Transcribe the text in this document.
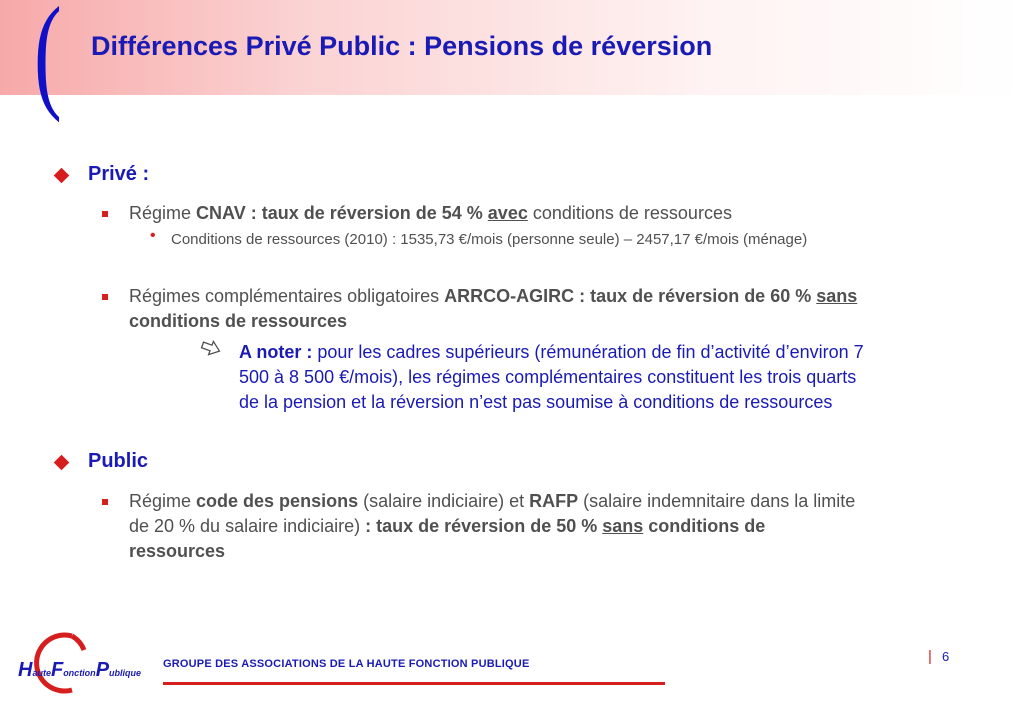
( Différences Privé Public : Pensions de réversion
Privé :
Régime CNAV : taux de réversion de 54 % avec conditions de ressources
• Conditions de ressources (2010) : 1535,73 €/mois (personne seule) – 2457,17 €/mois (ménage)
Régimes complémentaires obligatoires ARRCO-AGIRC : taux de réversion de 60 % sans
conditions de ressources
A noter : pour les cadres supérieurs (rémunération de fin d’activité d’environ 7
500 à 8 500 €/mois), les régimes complémentaires constituent les trois quarts
de la pension et la réversion n’est pas soumise à conditions de ressources
Public
Régime code des pensions (salaire indiciaire) et RAFP (salaire indemnitaire dans la limite
de 20 % du salaire indiciaire) : taux de réversion de 50 % sans conditions de
ressources
HauteFonctionPublique
GROUPE DES ASSOCIATIONS DE LA HAUTE FONCTION PUBLIQUE	| 6
